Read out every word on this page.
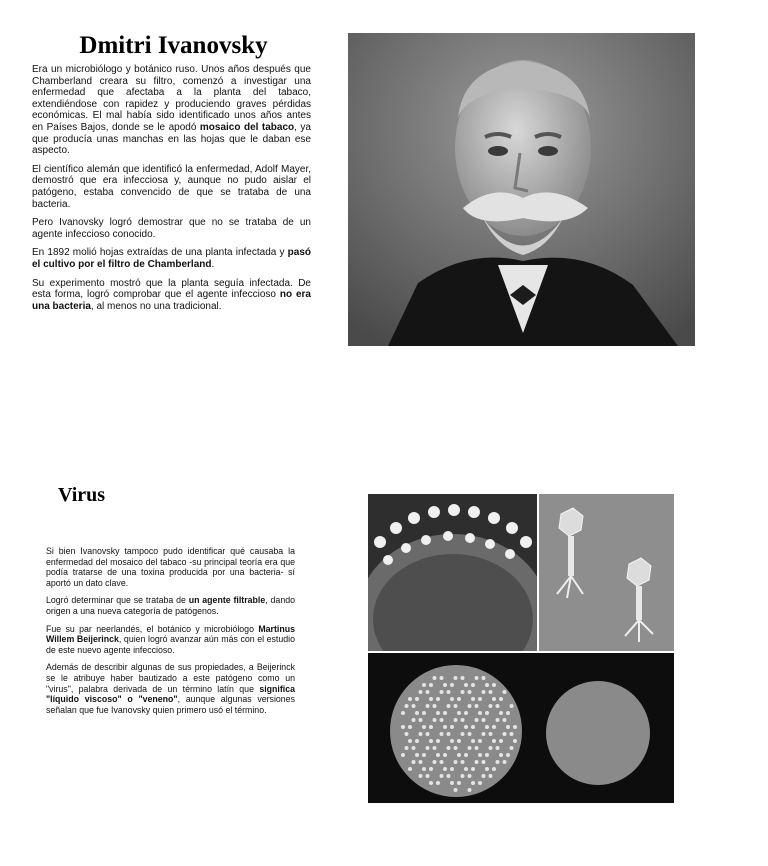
Dmitri Ivanovsky

Era un microbiólogo y botánico ruso. Unos años después que Chamberland creara su filtro, comenzó a investigar una enfermedad que afectaba a la planta del tabaco, extendiéndose con rapidez y produciendo graves pérdidas económicas. El mal había sido identificado unos años antes en Países Bajos, donde se le apodó mosaico del tabaco, ya que producía unas manchas en las hojas que le daban ese aspecto.

El científico alemán que identificó la enfermedad, Adolf Mayer, demostró que era infecciosa y, aunque no pudo aislar el patógeno, estaba convencido de que se trataba de una bacteria.

Pero Ivanovsky logró demostrar que no se trataba de un agente infeccioso conocido.

En 1892 molió hojas extraídas de una planta infectada y pasó el cultivo por el filtro de Chamberland.

Su experimento mostró que la planta seguía infectada. De esta forma, logró comprobar que el agente infeccioso no era una bacteria, al menos no una tradicional.

Virus

Si bien Ivanovsky tampoco pudo identificar qué causaba la enfermedad del mosaico del tabaco -su principal teoría era que podía tratarse de una toxina producida por una bacteria- sí aportó un dato clave.

Logró determinar que se trataba de un agente filtrable, dando origen a una nueva categoría de patógenos.

Fue su par neerlandés, el botánico y microbiólogo Martinus Willem Beijerinck, quien logró avanzar aún más con el estudio de este nuevo agente infeccioso.

Además de describir algunas de sus propiedades, a Beijerinck se le atribuye haber bautizado a este patógeno como un "virus", palabra derivada de un término latín que significa "líquido viscoso" o "veneno", aunque algunas versiones señalan que fue Ivanovsky quien primero usó el término.
